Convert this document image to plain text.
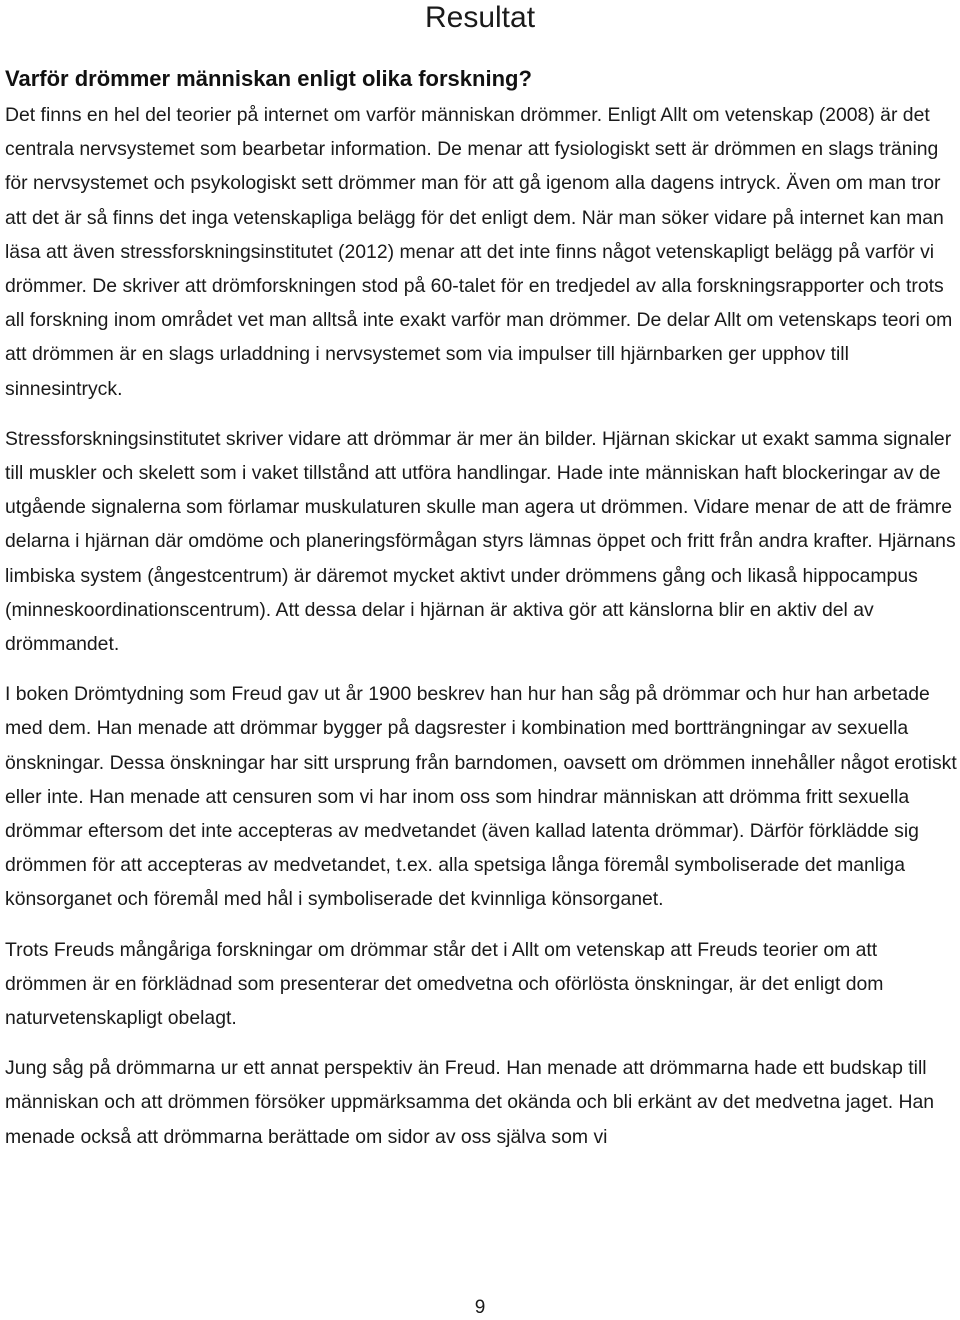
Resultat
Varför drömmer människan enligt olika forskning?

Det finns en hel del teorier på internet om varför människan drömmer. Enligt Allt om vetenskap (2008) är det centrala nervsystemet som bearbetar information. De menar att fysiologiskt sett är drömmen en slags träning för nervsystemet och psykologiskt sett drömmer man för att gå igenom alla dagens intryck. Även om man tror att det är så finns det inga vetenskapliga belägg för det enligt dem. När man söker vidare på internet kan man läsa att även stressforskningsinstitutet (2012) menar att det inte finns något vetenskapligt belägg på varför vi drömmer. De skriver att drömforskningen stod på 60-talet för en tredjedel av alla forskningsrapporter och trots all forskning inom området vet man alltså inte exakt varför man drömmer. De delar Allt om vetenskaps teori om att drömmen är en slags urladdning i nervsystemet som via impulser till hjärnbarken ger upphov till sinnesintryck.

Stressforskningsinstitutet skriver vidare att drömmar är mer än bilder. Hjärnan skickar ut exakt samma signaler till muskler och skelett som i vaket tillstånd att utföra handlingar. Hade inte människan haft blockeringar av de utgående signalerna som förlamar muskulaturen skulle man agera ut drömmen. Vidare menar de att de främre delarna i hjärnan där omdöme och planeringsförmågan styrs lämnas öppet och fritt från andra krafter. Hjärnans limbiska system (ångestcentrum) är däremot mycket aktivt under drömmens gång och likaså hippocampus (minneskoordinationscentrum). Att dessa delar i hjärnan är aktiva gör att känslorna blir en aktiv del av drömmandet.

I boken Drömtydning som Freud gav ut år 1900 beskrev han hur han såg på drömmar och hur han arbetade med dem. Han menade att drömmar bygger på dagsrester i kombination med bortträngningar av sexuella önskningar. Dessa önskningar har sitt ursprung från barndomen, oavsett om drömmen innehåller något erotiskt eller inte. Han menade att censuren som vi har inom oss som hindrar människan att drömma fritt sexuella drömmar eftersom det inte accepteras av medvetandet (även kallad latenta drömmar). Därför förklädde sig drömmen för att accepteras av medvetandet, t.ex. alla spetsiga långa föremål symboliserade det manliga könsorganet och föremål med hål i symboliserade det kvinnliga könsorganet.

Trots Freuds mångåriga forskningar om drömmar står det i Allt om vetenskap att Freuds teorier om att drömmen är en förklädnad som presenterar det omedvetna och oförlösta önskningar, är det enligt dom naturvetenskapligt obelagt.

Jung såg på drömmarna ur ett annat perspektiv än Freud. Han menade att drömmarna hade ett budskap till människan och att drömmen försöker uppmärksamma det okända och bli erkänt av det medvetna jaget. Han menade också att drömmarna berättade om sidor av oss själva som vi

9
